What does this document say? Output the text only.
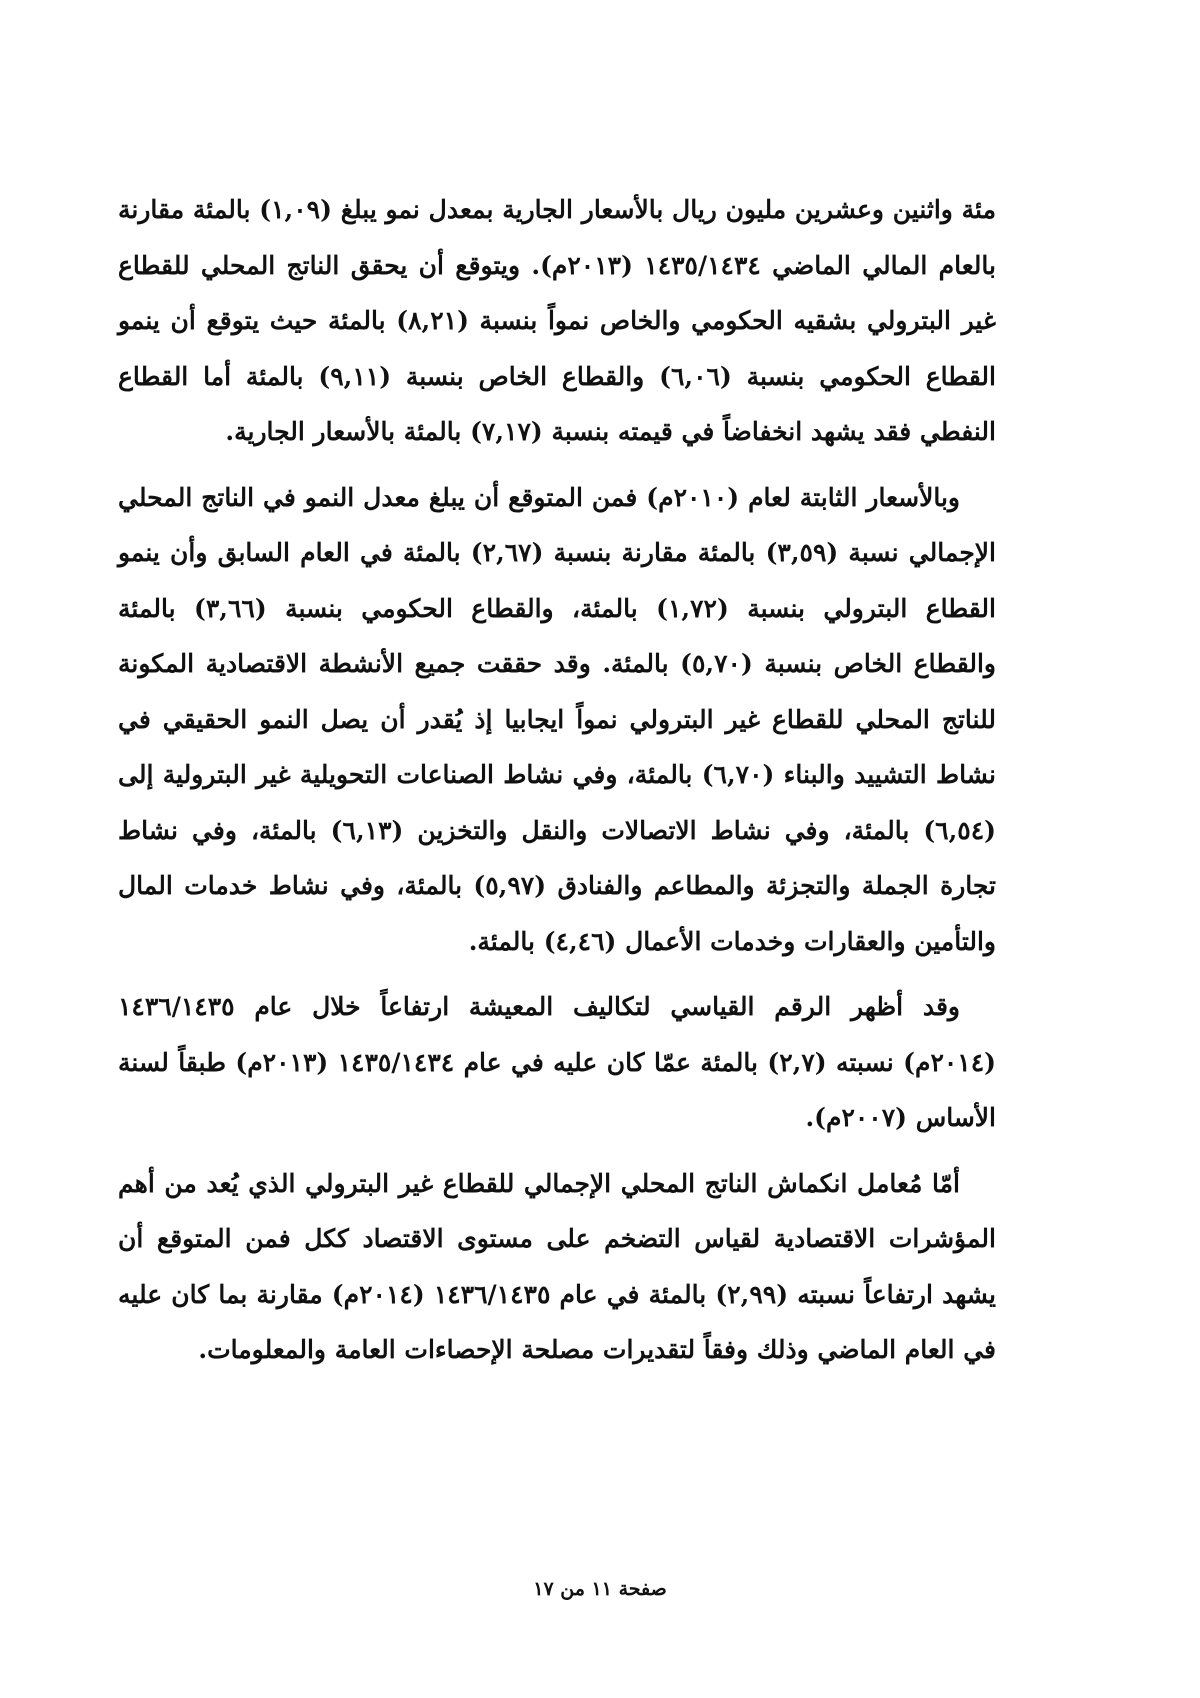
مئة واثنين وعشرين مليون ريال بالأسعار الجارية بمعدل نمو يبلغ (١,٠٩) بالمئة مقارنة بالعام المالي الماضي ١٤٣٥/١٤٣٤ (٢٠١٣م). ويتوقع أن يحقق الناتج المحلي للقطاع غير البترولي بشقيه الحكومي والخاص نمواً بنسبة (٨,٢١) بالمئة حيث يتوقع أن ينمو القطاع الحكومي بنسبة (٦,٠٦) والقطاع الخاص بنسبة (٩,١١) بالمئة أما القطاع النفطي فقد يشهد انخفاضاً في قيمته بنسبة (٧,١٧) بالمئة بالأسعار الجارية.

وبالأسعار الثابتة لعام (٢٠١٠م) فمن المتوقع أن يبلغ معدل النمو في الناتج المحلي الإجمالي نسبة (٣,٥٩) بالمئة مقارنة بنسبة (٢,٦٧) بالمئة في العام السابق وأن ينمو القطاع البترولي بنسبة (١,٧٢) بالمئة، والقطاع الحكومي بنسبة (٣,٦٦) بالمئة والقطاع الخاص بنسبة (٥,٧٠) بالمئة. وقد حققت جميع الأنشطة الاقتصادية المكونة للناتج المحلي للقطاع غير البترولي نمواً ايجابيا إذ يُقدر أن يصل النمو الحقيقي في نشاط التشييد والبناء (٦,٧٠) بالمئة، وفي نشاط الصناعات التحويلية غير البترولية إلى (٦,٥٤) بالمئة، وفي نشاط الاتصالات والنقل والتخزين (٦,١٣) بالمئة، وفي نشاط تجارة الجملة والتجزئة والمطاعم والفنادق (٥,٩٧) بالمئة، وفي نشاط خدمات المال والتأمين والعقارات وخدمات الأعمال (٤,٤٦) بالمئة.

وقد أظهر الرقم القياسي لتكاليف المعيشة ارتفاعاً خلال عام ١٤٣٦/١٤٣٥ (٢٠١٤م) نسبته (٢,٧) بالمئة عمّا كان عليه في عام ١٤٣٥/١٤٣٤ (٢٠١٣م) طبقاً لسنة الأساس (٢٠٠٧م).

أمّا مُعامل انكماش الناتج المحلي الإجمالي للقطاع غير البترولي الذي يُعد من أهم المؤشرات الاقتصادية لقياس التضخم على مستوى الاقتصاد ككل فمن المتوقع أن يشهد ارتفاعاً نسبته (٢,٩٩) بالمئة في عام ١٤٣٦/١٤٣٥ (٢٠١٤م) مقارنة بما كان عليه في العام الماضي وذلك وفقاً لتقديرات مصلحة الإحصاءات العامة والمعلومات.

صفحة ١١ من ١٧
